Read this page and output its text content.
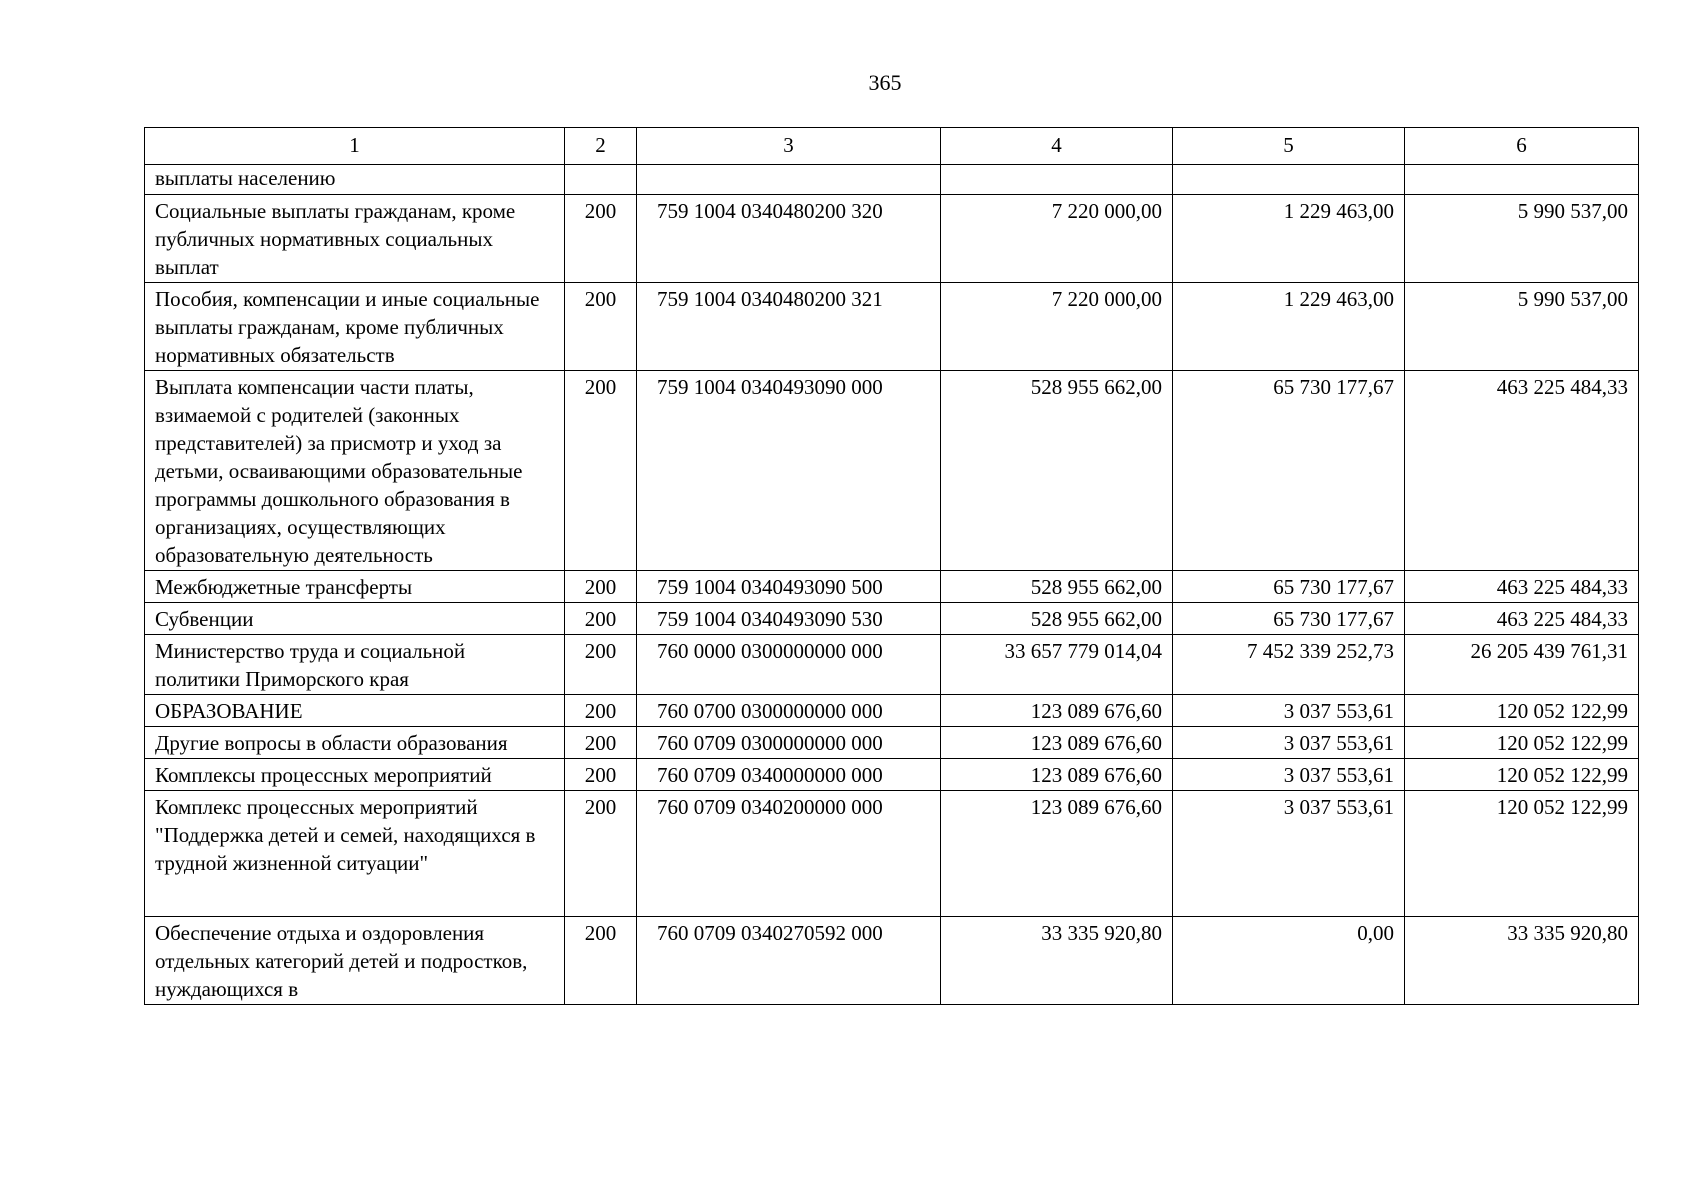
365
1	2	3	4	5	6
выплаты населению					
Социальные выплаты гражданам, кроме публичных нормативных социальных выплат	200	759 1004 0340480200 320	7 220 000,00	1 229 463,00	5 990 537,00
Пособия, компенсации и иные социальные выплаты гражданам, кроме публичных нормативных обязательств	200	759 1004 0340480200 321	7 220 000,00	1 229 463,00	5 990 537,00
Выплата компенсации части платы, взимаемой с родителей (законных представителей) за присмотр и уход за детьми, осваивающими образовательные программы дошкольного образования в организациях, осуществляющих образовательную деятельность	200	759 1004 0340493090 000	528 955 662,00	65 730 177,67	463 225 484,33
Межбюджетные трансферты	200	759 1004 0340493090 500	528 955 662,00	65 730 177,67	463 225 484,33
Субвенции	200	759 1004 0340493090 530	528 955 662,00	65 730 177,67	463 225 484,33
Министерство труда и социальной политики Приморского края	200	760 0000 0300000000 000	33 657 779 014,04	7 452 339 252,73	26 205 439 761,31
ОБРАЗОВАНИЕ	200	760 0700 0300000000 000	123 089 676,60	3 037 553,61	120 052 122,99
Другие вопросы в области образования	200	760 0709 0300000000 000	123 089 676,60	3 037 553,61	120 052 122,99
Комплексы процессных мероприятий	200	760 0709 0340000000 000	123 089 676,60	3 037 553,61	120 052 122,99
Комплекс процессных мероприятий "Поддержка детей и семей, находящихся в трудной жизненной ситуации"	200	760 0709 0340200000 000	123 089 676,60	3 037 553,61	120 052 122,99
Обеспечение отдыха и оздоровления отдельных категорий детей и подростков, нуждающихся в	200	760 0709 0340270592 000	33 335 920,80	0,00	33 335 920,80
